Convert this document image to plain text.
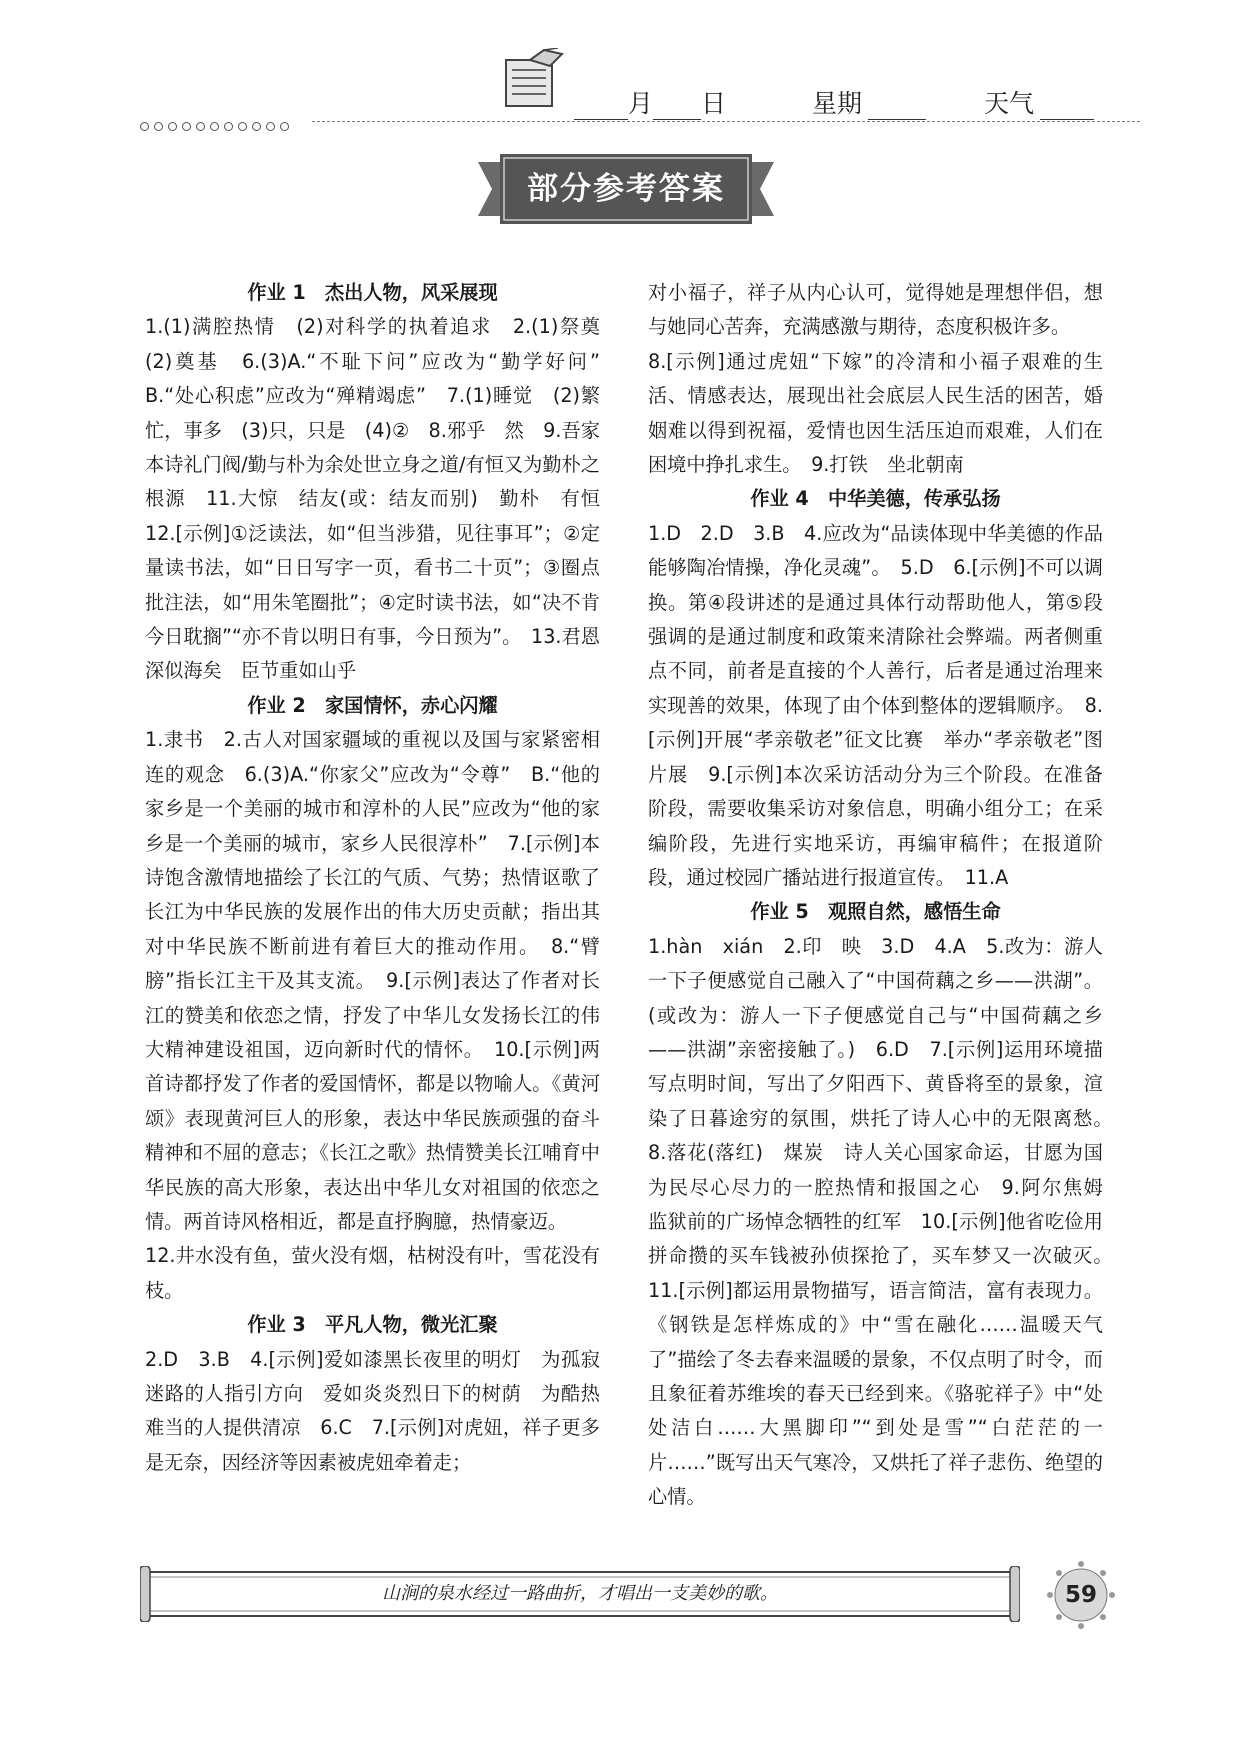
月 日	星期	天气
部分参考答案
作业 1　杰出人物，风采展现

1.(1)满腔热情　(2)对科学的执着追求　2.(1)祭奠　(2)奠基　6.(3)A.“不耻下问”应改为“勤学好问”　B.“处心积虑”应改为“殚精竭虑”　7.(1)睡觉　(2)繁忙，事多　(3)只，只是　(4)②　8.邪乎　然　9.吾家本诗礼门阀/勤与朴为余处世立身之道/有恒又为勤朴之根源　11.大惊　结友(或：结友而别)　勤朴　有恒　12.[示例]①泛读法，如“但当涉猎，见往事耳”；②定量读书法，如“日日写字一页，看书二十页”；③圈点批注法，如“用朱笔圈批”；④定时读书法，如“决不肯今日耽搁”“亦不肯以明日有事，今日预为”。　13.君恩深似海矣　臣节重如山乎

作业 2　家国情怀，赤心闪耀

1.隶书　2.古人对国家疆域的重视以及国与家紧密相连的观念　6.(3)A.“你家父”应改为“令尊”　B.“他的家乡是一个美丽的城市和淳朴的人民”应改为“他的家乡是一个美丽的城市，家乡人民很淳朴”　7.[示例]本诗饱含激情地描绘了长江的气质、气势；热情讴歌了长江为中华民族的发展作出的伟大历史贡献；指出其对中华民族不断前进有着巨大的推动作用。　8.“臂膀”指长江主干及其支流。　9.[示例]表达了作者对长江的赞美和依恋之情，抒发了中华儿女发扬长江的伟大精神建设祖国，迈向新时代的情怀。　10.[示例]两首诗都抒发了作者的爱国情怀，都是以物喻人。《黄河颂》表现黄河巨人的形象，表达中华民族顽强的奋斗精神和不屈的意志；《长江之歌》热情赞美长江哺育中华民族的高大形象，表达出中华儿女对祖国的依恋之情。两首诗风格相近，都是直抒胸臆，热情豪迈。

12.井水没有鱼，萤火没有烟，枯树没有叶，雪花没有枝。

作业 3　平凡人物，微光汇聚

2.D　3.B　4.[示例]爱如漆黑长夜里的明灯　为孤寂迷路的人指引方向　爱如炎炎烈日下的树荫　为酷热难当的人提供清凉　6.C　7.[示例]对虎妞，祥子更多是无奈，因经济等因素被虎妞牵着走；

对小福子，祥子从内心认可，觉得她是理想伴侣，想与她同心苦奔，充满感激与期待，态度积极许多。

8.[示例]通过虎妞“下嫁”的冷清和小福子艰难的生活、情感表达，展现出社会底层人民生活的困苦，婚姻难以得到祝福，爱情也因生活压迫而艰难，人们在困境中挣扎求生。　9.打铁　坐北朝南

作业 4　中华美德，传承弘扬

1.D　2.D　3.B　4.应改为“品读体现中华美德的作品能够陶冶情操，净化灵魂”。　5.D　6.[示例]不可以调换。第④段讲述的是通过具体行动帮助他人，第⑤段强调的是通过制度和政策来清除社会弊端。两者侧重点不同，前者是直接的个人善行，后者是通过治理来实现善的效果，体现了由个体到整体的逻辑顺序。　8.[示例]开展“孝亲敬老”征文比赛　举办“孝亲敬老”图片展　9.[示例]本次采访活动分为三个阶段。在准备阶段，需要收集采访对象信息，明确小组分工；在采编阶段，先进行实地采访，再编审稿件；在报道阶段，通过校园广播站进行报道宣传。　11.A

作业 5　观照自然，感悟生命

1.hàn　xián　2.印　映　3.D　4.A　5.改为：游人一下子便感觉自己融入了“中国荷藕之乡——洪湖”。(或改为：游人一下子便感觉自己与“中国荷藕之乡——洪湖”亲密接触了。)　6.D　7.[示例]运用环境描写点明时间，写出了夕阳西下、黄昏将至的景象，渲染了日暮途穷的氛围，烘托了诗人心中的无限离愁。　8.落花(落红)　煤炭　诗人关心国家命运，甘愿为国为民尽心尽力的一腔热情和报国之心　9.阿尔焦姆　监狱前的广场悼念牺牲的红军　10.[示例]他省吃俭用拼命攒的买车钱被孙侦探抢了，买车梦又一次破灭。　11.[示例]都运用景物描写，语言简洁，富有表现力。《钢铁是怎样炼成的》中“雪在融化……温暖天气了”描绘了冬去春来温暖的景象，不仅点明了时令，而且象征着苏维埃的春天已经到来。《骆驼祥子》中“处处洁白……大黑脚印”“到处是雪”“白茫茫的一片……”既写出天气寒冷，又烘托了祥子悲伤、绝望的心情。

山涧的泉水经过一路曲折，才唱出一支美妙的歌。	59
